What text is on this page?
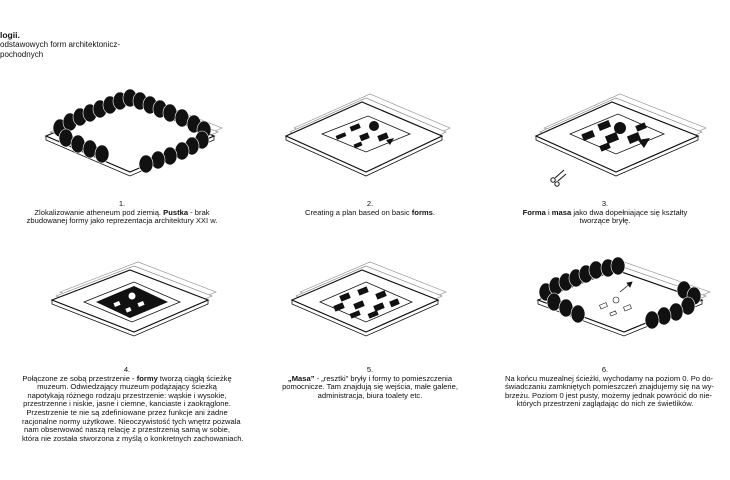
logii.
odstawowych form architektonicz-
pochodnych
1.
Zlokalizowanie atheneum pod ziemią. Pustka - brak
zbudowanej formy jako reprezentacja architektury XXI w.
2.
Creating a plan based on basic forms.
3.
Forma i masa jako dwa dopełniające się kształty
tworzące bryłę.
4.
Połączone ze sobą przestrzenie - formy tworzą ciągłą ścieżkę
muzeum. Odwiedzający muzeum podążający ścieżką
napotykają różnego rodzaju przestrzenie: wąskie i wysokie,
przestrzenne i niskie, jasne i ciemne, kanciaste i zaokrąglone.
Przestrzenie te nie są zdefiniowane przez funkcje ani żadne
racjonalne normy użytkowe. Nieoczywistość tych wnętrz pozwala
nam obserwować naszą relację z przestrzenią samą w sobie,
która nie została stworzona z myślą o konkretnych zachowaniach.
5.
„Masa” - „resztki” bryły i formy to pomieszczenia
pomocnicze. Tam znajdują się wejścia, małe galerie,
administracja, biura toalety etc.
6.
Na końcu muzealnej ścieżki, wychodamy na poziom 0. Po do-
świadczaniu zamkniętych pomieszczeń znajdujemy się na wy-
brzeżu. Poziom 0 jest pusty, możemy jednak powrócić do nie-
których przestrzeni zaglądając do nich ze świetlików.
